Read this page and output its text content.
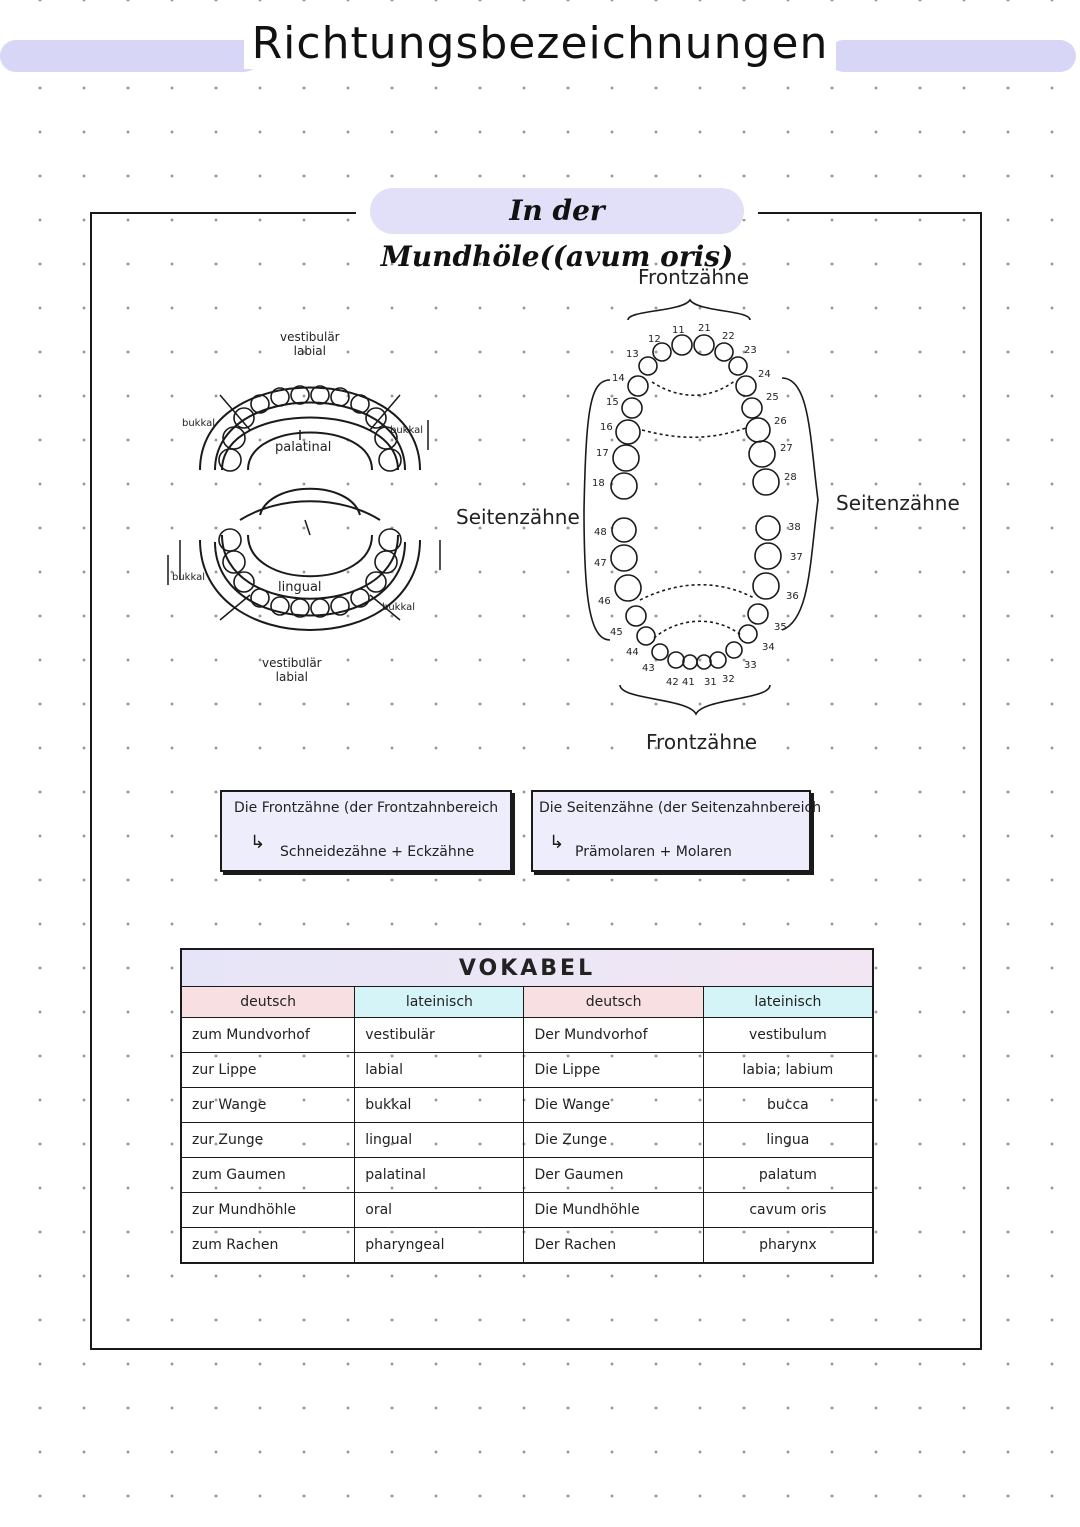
Richtungsbezeichnungen
In der Mundhöle((avum oris)
vestibulär
labial
palatinal
lingual
vestibulär
labial
bukkal
bukkal
bukkal
bukkal
Frontzähne
Frontzähne
Seitenzähne
Seitenzähne
11
12
13
14
15
16
17
18
21
22
23
24
25
26
27
28
41
42
43
44
45
46
47
48
31 32
33
34
35
36
37
38
Die Frontzähne (der Frontzahnbereich
↳ Schneidezähne + Eckzähne
Die Seitenzähne (der Seitenzahnbereich
↳ Prämolaren + Molaren
VOKABEL			
deutsch	lateinisch	deutsch	lateinisch
zum Mundvorhof	vestibulär	Der Mundvorhof	vestibulum
zur Lippe	labial	Die Lippe	labia; labium
zur Wange	bukkal	Die Wange	bucca
zur Zunge	lingual	Die Zunge	lingua
zum Gaumen	palatinal	Der Gaumen	palatum
zur Mundhöhle	oral	Die Mundhöhle	cavum oris
zum Rachen	pharyngeal	Der Rachen	pharynx
